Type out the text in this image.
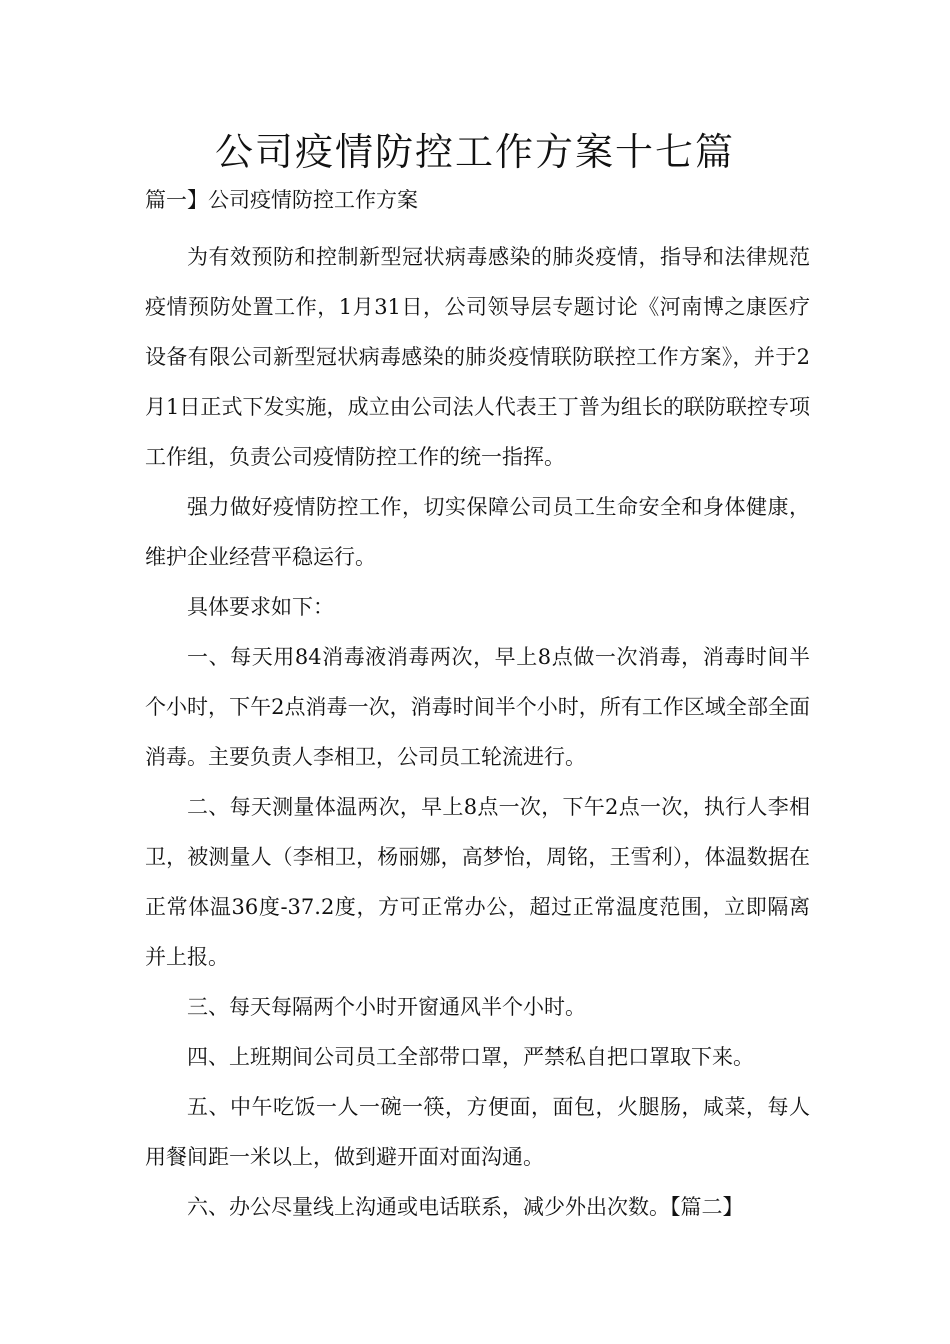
公司疫情防控工作方案十七篇
篇一】公司疫情防控工作方案

为有效预防和控制新型冠状病毒感染的肺炎疫情，指导和法律规范疫情预防处置工作，1月31日，公司领导层专题讨论《河南博之康医疗设备有限公司新型冠状病毒感染的肺炎疫情联防联控工作方案》，并于2月1日正式下发实施，成立由公司法人代表王丁普为组长的联防联控专项工作组，负责公司疫情防控工作的统一指挥。

强力做好疫情防控工作，切实保障公司员工生命安全和身体健康，维护企业经营平稳运行。

具体要求如下：

一、每天用84消毒液消毒两次，早上8点做一次消毒，消毒时间半个小时，下午2点消毒一次，消毒时间半个小时，所有工作区域全部全面消毒。主要负责人李相卫，公司员工轮流进行。

二、每天测量体温两次，早上8点一次，下午2点一次，执行人李相卫，被测量人（李相卫，杨丽娜，高梦怡，周铭，王雪利），体温数据在正常体温36度-37.2度，方可正常办公，超过正常温度范围，立即隔离并上报。

三、每天每隔两个小时开窗通风半个小时。

四、上班期间公司员工全部带口罩，严禁私自把口罩取下来。

五、中午吃饭一人一碗一筷，方便面，面包，火腿肠，咸菜，每人用餐间距一米以上，做到避开面对面沟通。

六、办公尽量线上沟通或电话联系，减少外出次数。【篇二】
